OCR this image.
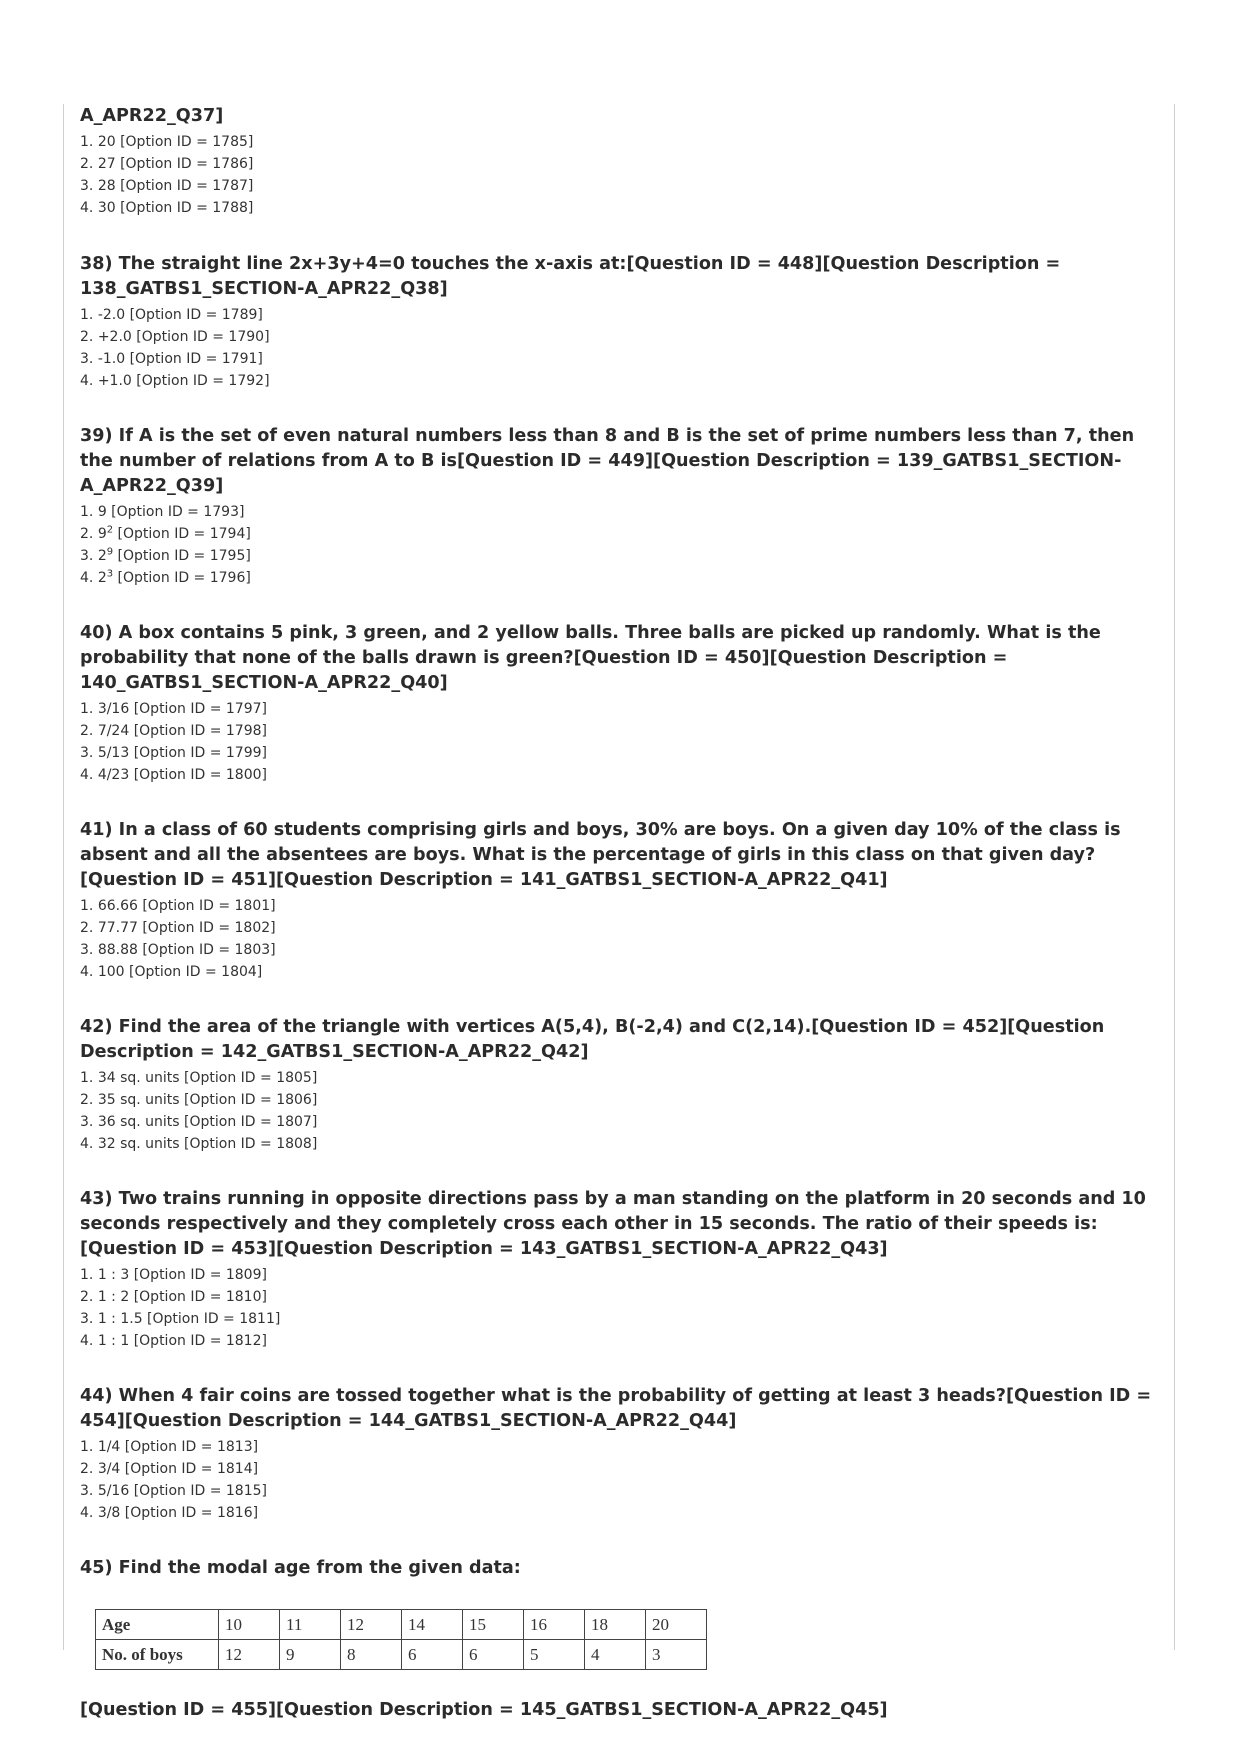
A_APR22_Q37]

1. 20 [Option ID = 1785]
2. 27 [Option ID = 1786]
3. 28 [Option ID = 1787]
4. 30 [Option ID = 1788]

38) The straight line 2x+3y+4=0 touches the x-axis at:[Question ID = 448][Question Description = 138_GATBS1_SECTION-A_APR22_Q38]

1. -2.0 [Option ID = 1789]
2. +2.0 [Option ID = 1790]
3. -1.0 [Option ID = 1791]
4. +1.0 [Option ID = 1792]

39) If A is the set of even natural numbers less than 8 and B is the set of prime numbers less than 7, then the number of relations from A to B is[Question ID = 449][Question Description = 139_GATBS1_SECTION-A_APR22_Q39]

1. 9 [Option ID = 1793]
2. $9^2$ [Option ID = 1794]
3. $2^9$ [Option ID = 1795]
4. $2^3$ [Option ID = 1796]

40) A box contains 5 pink, 3 green, and 2 yellow balls. Three balls are picked up randomly. What is the probability that none of the balls drawn is green?[Question ID = 450][Question Description = 140_GATBS1_SECTION-A_APR22_Q40]

1. 3/16 [Option ID = 1797]
2. 7/24 [Option ID = 1798]
3. 5/13 [Option ID = 1799]
4. 4/23 [Option ID = 1800]

41) In a class of 60 students comprising girls and boys, 30% are boys. On a given day 10% of the class is absent and all the absentees are boys. What is the percentage of girls in this class on that given day?[Question ID = 451][Question Description = 141_GATBS1_SECTION-A_APR22_Q41]

1. 66.66 [Option ID = 1801]
2. 77.77 [Option ID = 1802]
3. 88.88 [Option ID = 1803]
4. 100 [Option ID = 1804]

42) Find the area of the triangle with vertices A(5,4), B(-2,4) and C(2,14).[Question ID = 452][Question Description = 142_GATBS1_SECTION-A_APR22_Q42]

1. 34 sq. units [Option ID = 1805]
2. 35 sq. units [Option ID = 1806]
3. 36 sq. units [Option ID = 1807]
4. 32 sq. units [Option ID = 1808]

43) Two trains running in opposite directions pass by a man standing on the platform in 20 seconds and 10 seconds respectively and they completely cross each other in 15 seconds. The ratio of their speeds is:[Question ID = 453][Question Description = 143_GATBS1_SECTION-A_APR22_Q43]

1. 1 : 3 [Option ID = 1809]
2. 1 : 2 [Option ID = 1810]
3. 1 : 1.5 [Option ID = 1811]
4. 1 : 1 [Option ID = 1812]

44) When 4 fair coins are tossed together what is the probability of getting at least 3 heads?[Question ID = 454][Question Description = 144_GATBS1_SECTION-A_APR22_Q44]

1. 1/4 [Option ID = 1813]
2. 3/4 [Option ID = 1814]
3. 5/16 [Option ID = 1815]
4. 3/8 [Option ID = 1816]

45) Find the modal age from the given data:

Age	10	11	12	14	15	16	18	20
No. of boys	12	9	8	6	6	5	4	3

[Question ID = 455][Question Description = 145_GATBS1_SECTION-A_APR22_Q45]
